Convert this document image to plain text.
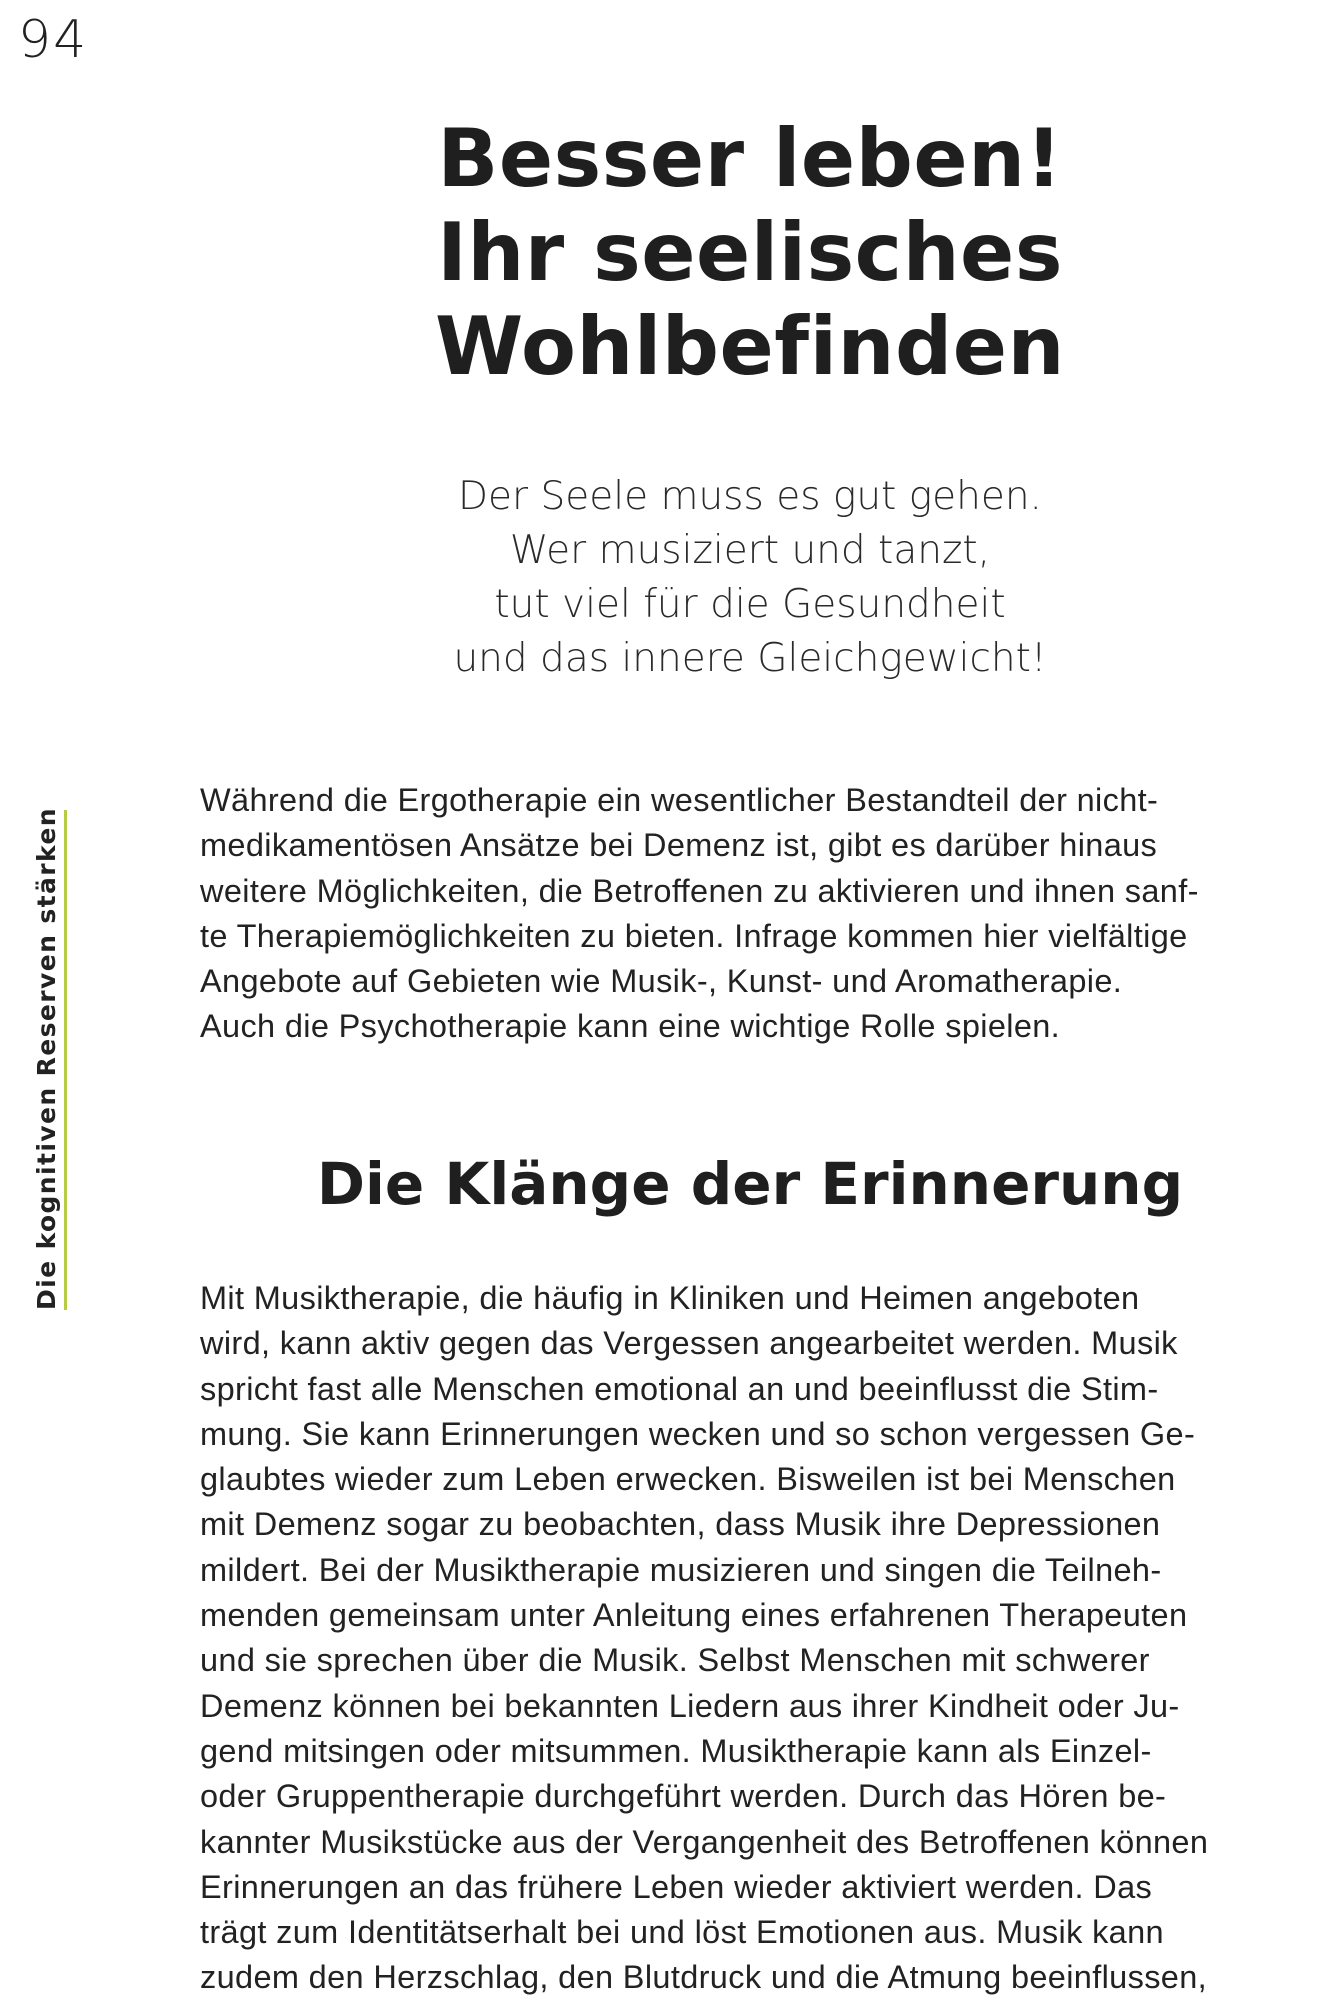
94
Die kognitiven Reserven stärken
Besser leben!
Ihr seelisches
Wohlbefinden
Der Seele muss es gut gehen.
Wer musiziert und tanzt,
tut viel für die Gesundheit
und das innere Gleichgewicht!
Während die Ergotherapie ein wesentlicher Bestandteil der nicht-
medikamentösen Ansätze bei Demenz ist, gibt es darüber hinaus
weitere Möglichkeiten, die Betroffenen zu aktivieren und ihnen sanf-
te Therapiemöglichkeiten zu bieten. Infrage kommen hier vielfältige
Angebote auf Gebieten wie Musik-, Kunst- und Aromatherapie.
Auch die Psychotherapie kann eine wichtige Rolle spielen.
Die Klänge der Erinnerung
Mit Musiktherapie, die häufig in Kliniken und Heimen angeboten
wird, kann aktiv gegen das Vergessen angearbeitet werden. Musik
spricht fast alle Menschen emotional an und beeinflusst die Stim-
mung. Sie kann Erinnerungen wecken und so schon vergessen Ge-
glaubtes wieder zum Leben erwecken. Bisweilen ist bei Menschen
mit Demenz sogar zu beobachten, dass Musik ihre Depressionen
mildert. Bei der Musiktherapie musizieren und singen die Teilneh-
menden gemeinsam unter Anleitung eines erfahrenen Therapeuten
und sie sprechen über die Musik. Selbst Menschen mit schwerer
Demenz können bei bekannten Liedern aus ihrer Kindheit oder Ju-
gend mitsingen oder mitsummen. Musiktherapie kann als Einzel-
oder Gruppentherapie durchgeführt werden. Durch das Hören be-
kannter Musikstücke aus der Vergangenheit des Betroffenen können
Erinnerungen an das frühere Leben wieder aktiviert werden. Das
trägt zum Identitätserhalt bei und löst Emotionen aus. Musik kann
zudem den Herzschlag, den Blutdruck und die Atmung beeinflussen,
